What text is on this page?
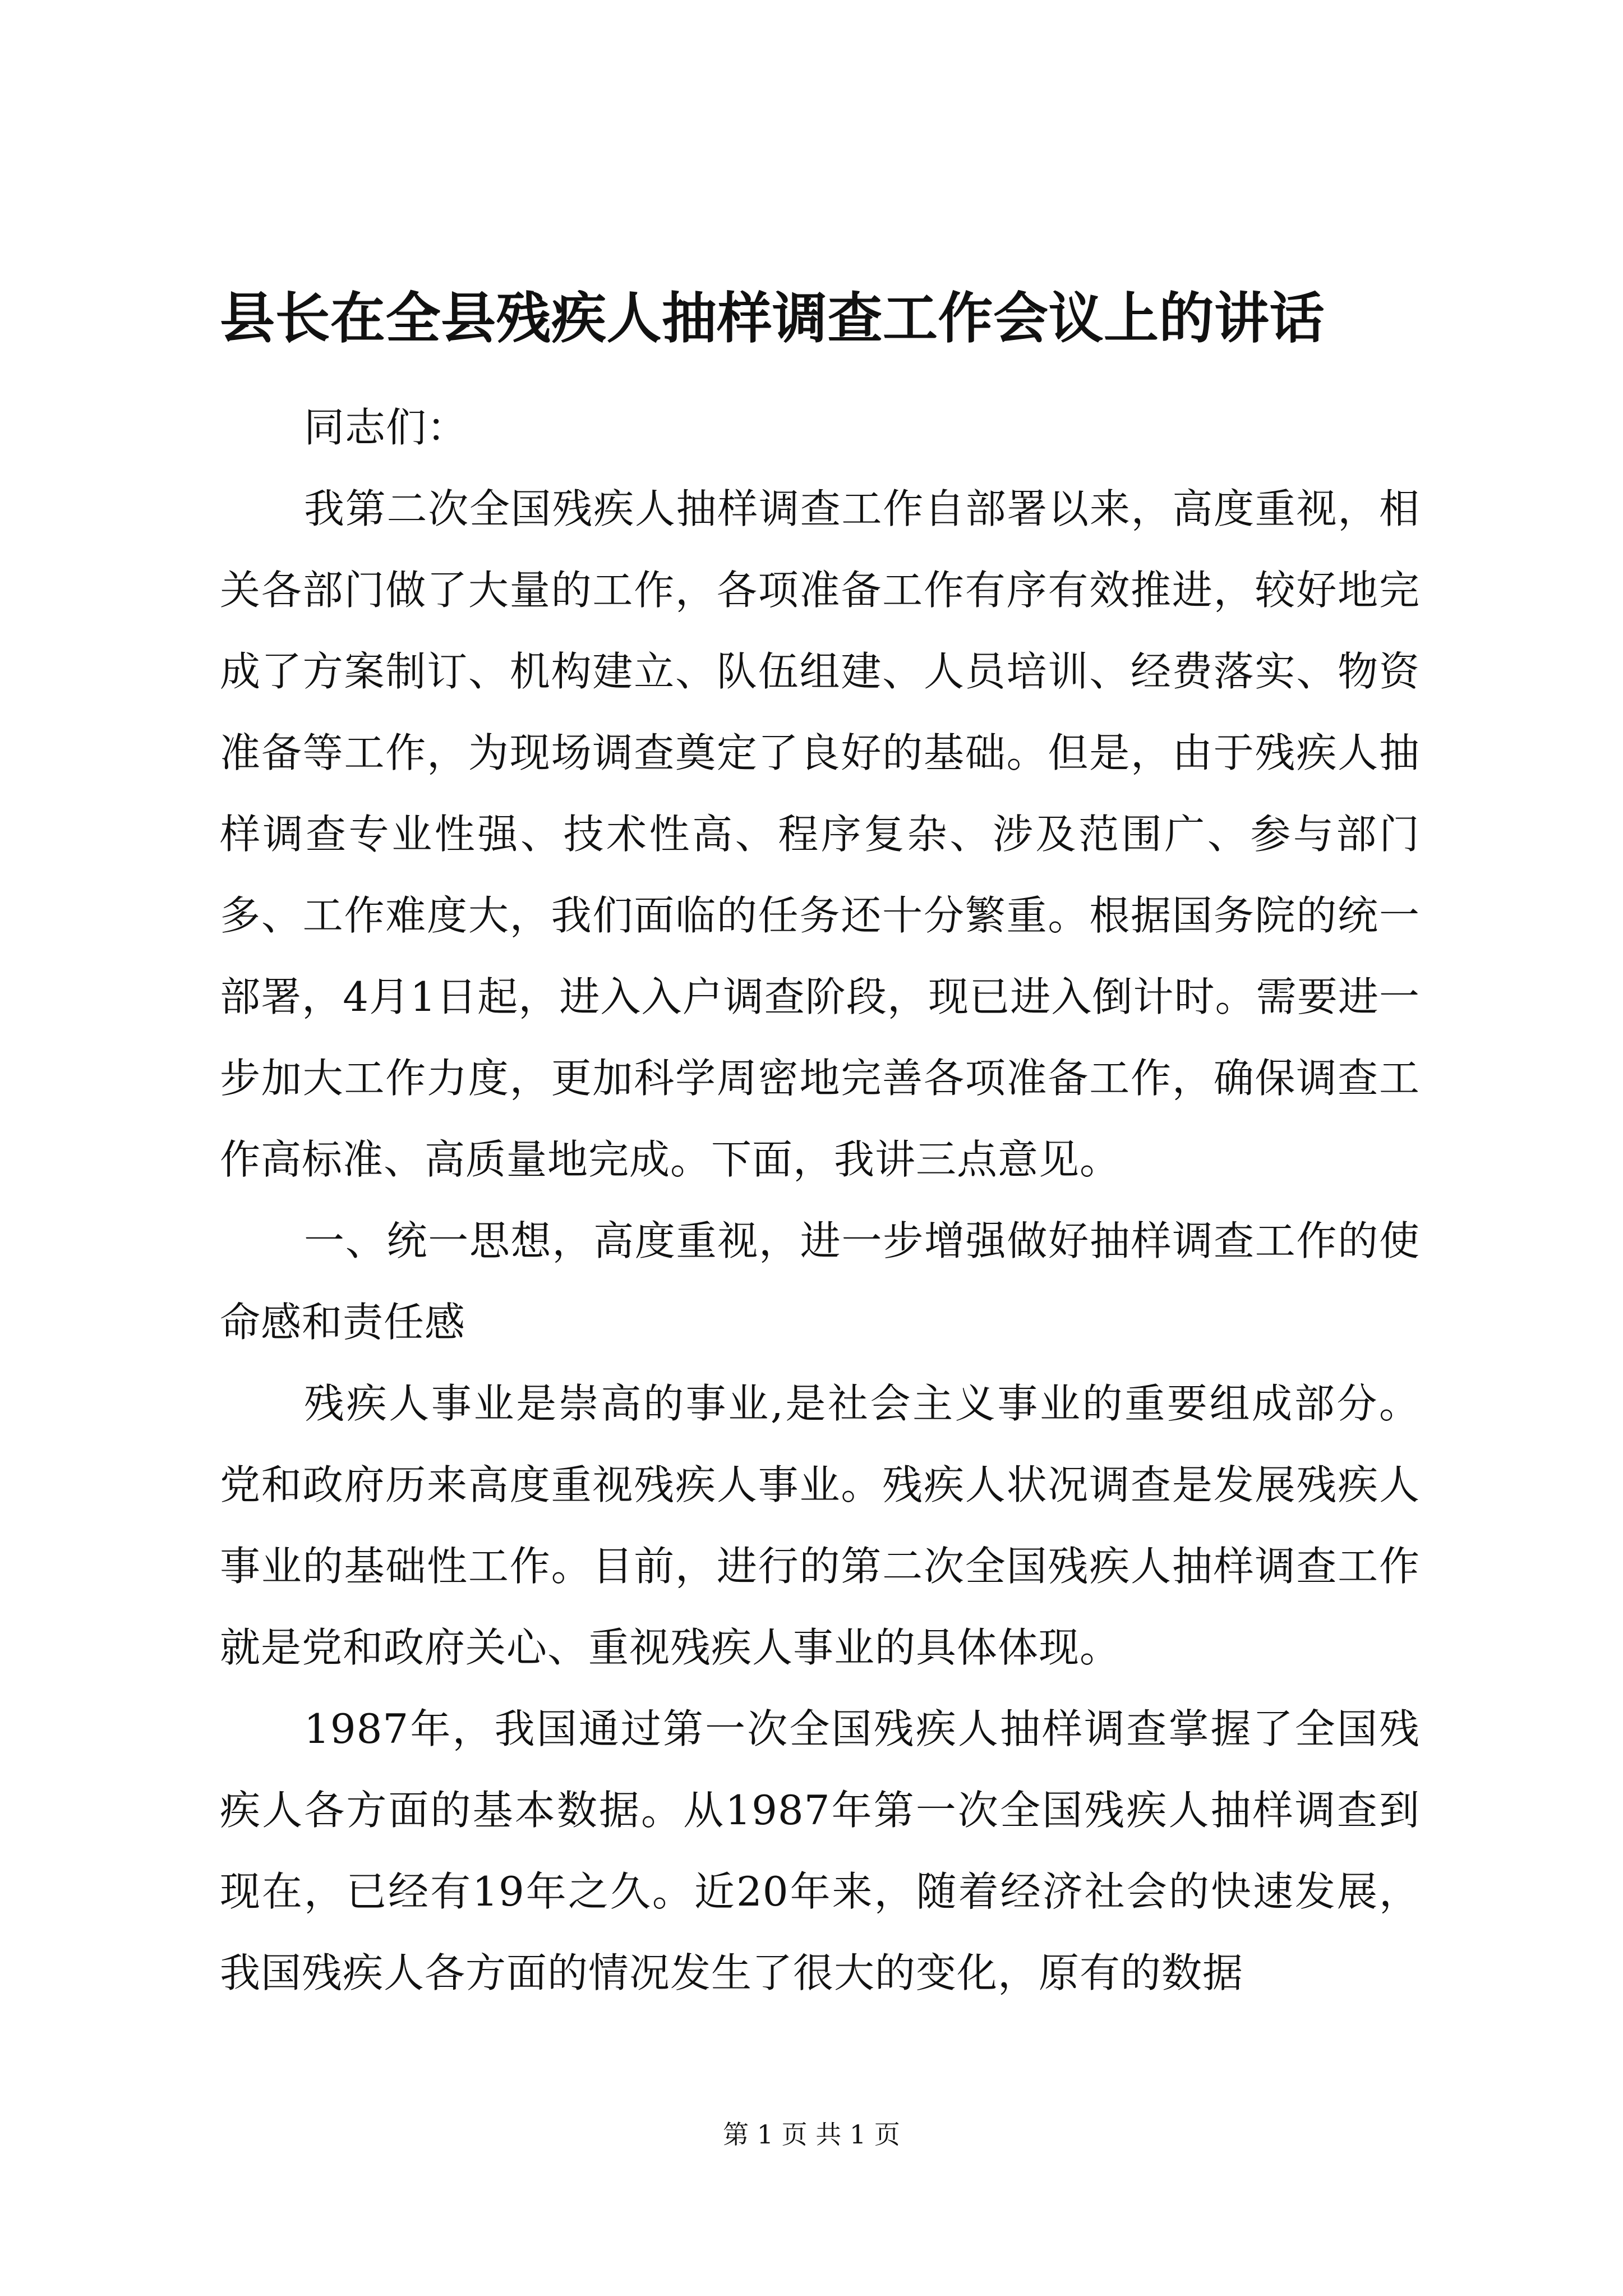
县长在全县残疾人抽样调查工作会议上的讲话

同志们：

我第二次全国残疾人抽样调查工作自部署以来，高度重视，相关各部门做了大量的工作，各项准备工作有序有效推进，较好地完成了方案制订、机构建立、队伍组建、人员培训、经费落实、物资准备等工作，为现场调查奠定了良好的基础。但是，由于残疾人抽样调查专业性强、技术性高、程序复杂、涉及范围广、参与部门多、工作难度大，我们面临的任务还十分繁重。根据国务院的统一部署，4月1日起，进入入户调查阶段，现已进入倒计时。需要进一步加大工作力度，更加科学周密地完善各项准备工作，确保调查工作高标准、高质量地完成。下面，我讲三点意见。

一、统一思想，高度重视，进一步增强做好抽样调查工作的使命感和责任感

残疾人事业是崇高的事业,是社会主义事业的重要组成部分。党和政府历来高度重视残疾人事业。残疾人状况调查是发展残疾人事业的基础性工作。目前，进行的第二次全国残疾人抽样调查工作就是党和政府关心、重视残疾人事业的具体体现。

1987年，我国通过第一次全国残疾人抽样调查掌握了全国残疾人各方面的基本数据。从1987年第一次全国残疾人抽样调查到现在，已经有19年之久。近20年来，随着经济社会的快速发展，我国残疾人各方面的情况发生了很大的变化，原有的数据

第 1 页 共 1 页
